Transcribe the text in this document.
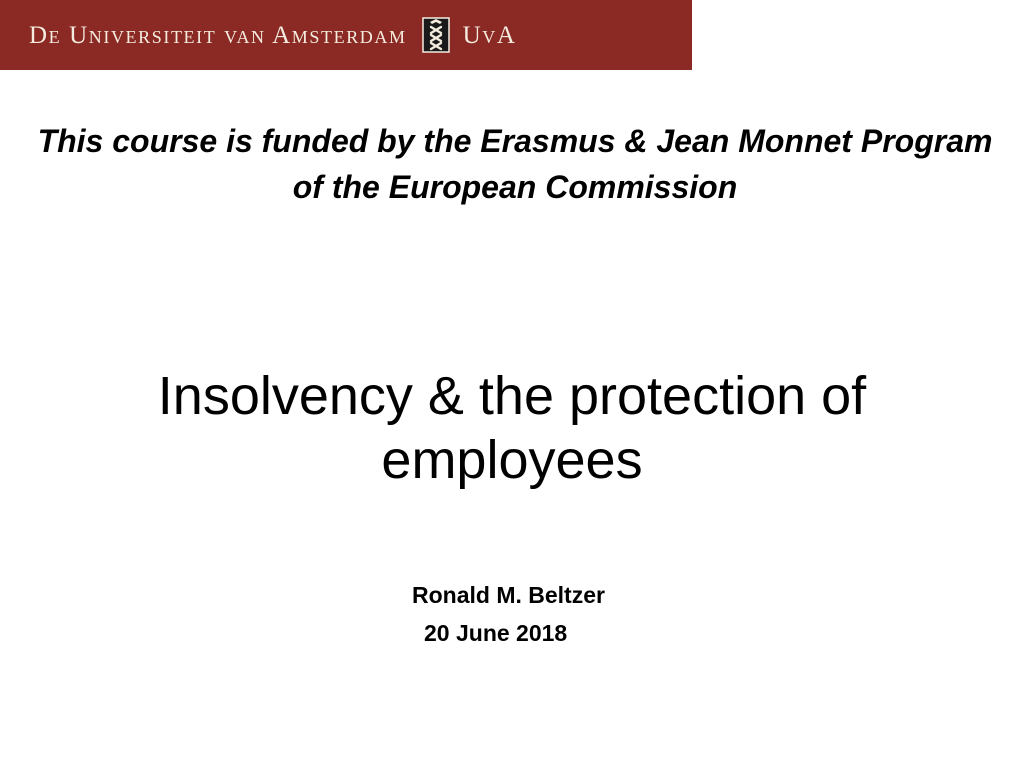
De Universiteit van Amsterdam UvA
This course is funded by the Erasmus & Jean Monnet Program of the European Commission
Insolvency & the protection of employees
Ronald M. Beltzer
20 June 2018
